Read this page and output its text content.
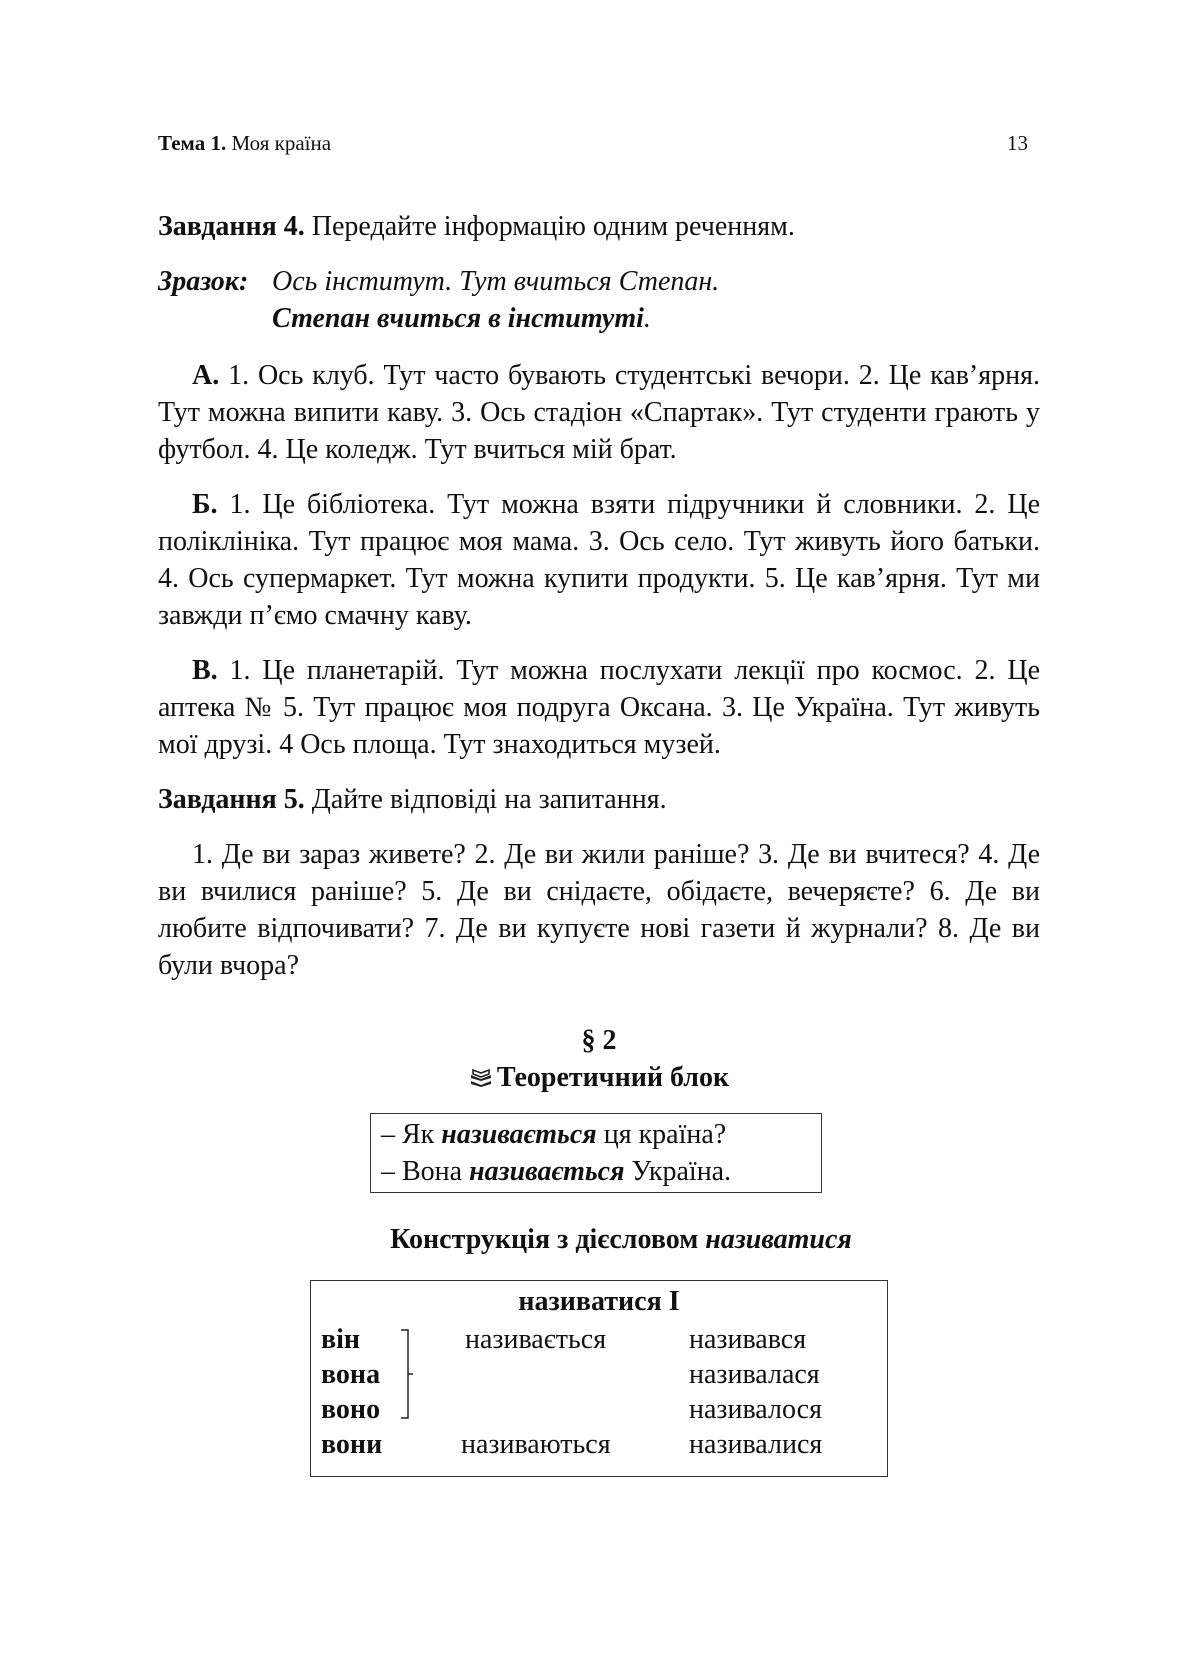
Тема 1. Моя країна	13

Завдання 4. Передайте інформацію одним реченням.

Зразок: Ось інститут. Тут вчиться Степан.

Степан вчиться в інституті.

А. 1. Ось клуб. Тут часто бувають студентські вечори. 2. Це кав’ярня. Тут можна випити каву. 3. Ось стадіон «Спартак». Тут студенти грають у футбол. 4. Це коледж. Тут вчиться мій брат.

Б. 1. Це бібліотека. Тут можна взяти підручники й словники. 2. Це поліклініка. Тут працює моя мама. 3. Ось село. Тут живуть його батьки. 4. Ось супермаркет. Тут можна купити продукти. 5. Це кав’ярня. Тут ми завжди п’ємо смачну каву.

В. 1. Це планетарій. Тут можна послухати лекції про космос. 2. Це аптека № 5. Тут працює моя подруга Оксана. 3. Це Україна. Тут живуть мої друзі. 4 Ось площа. Тут знаходиться музей.

Завдання 5. Дайте відповіді на запитання.

1. Де ви зараз живете? 2. Де ви жили раніше? 3. Де ви вчитеся? 4. Де ви вчилися раніше? 5. Де ви снідаєте, обідаєте, вечеряєте? 6. Де ви любите відпочивати? 7. Де ви купуєте нові газети й журнали? 8. Де ви були вчора?

§ 2

Теоретичний блок

– Як називається ця країна?
– Вона називається Україна.

Конструкція з дієсловом називатися

називатися І
він
вона
воно
вони
називається
називаються
називався
називалася
називалося
називалися
